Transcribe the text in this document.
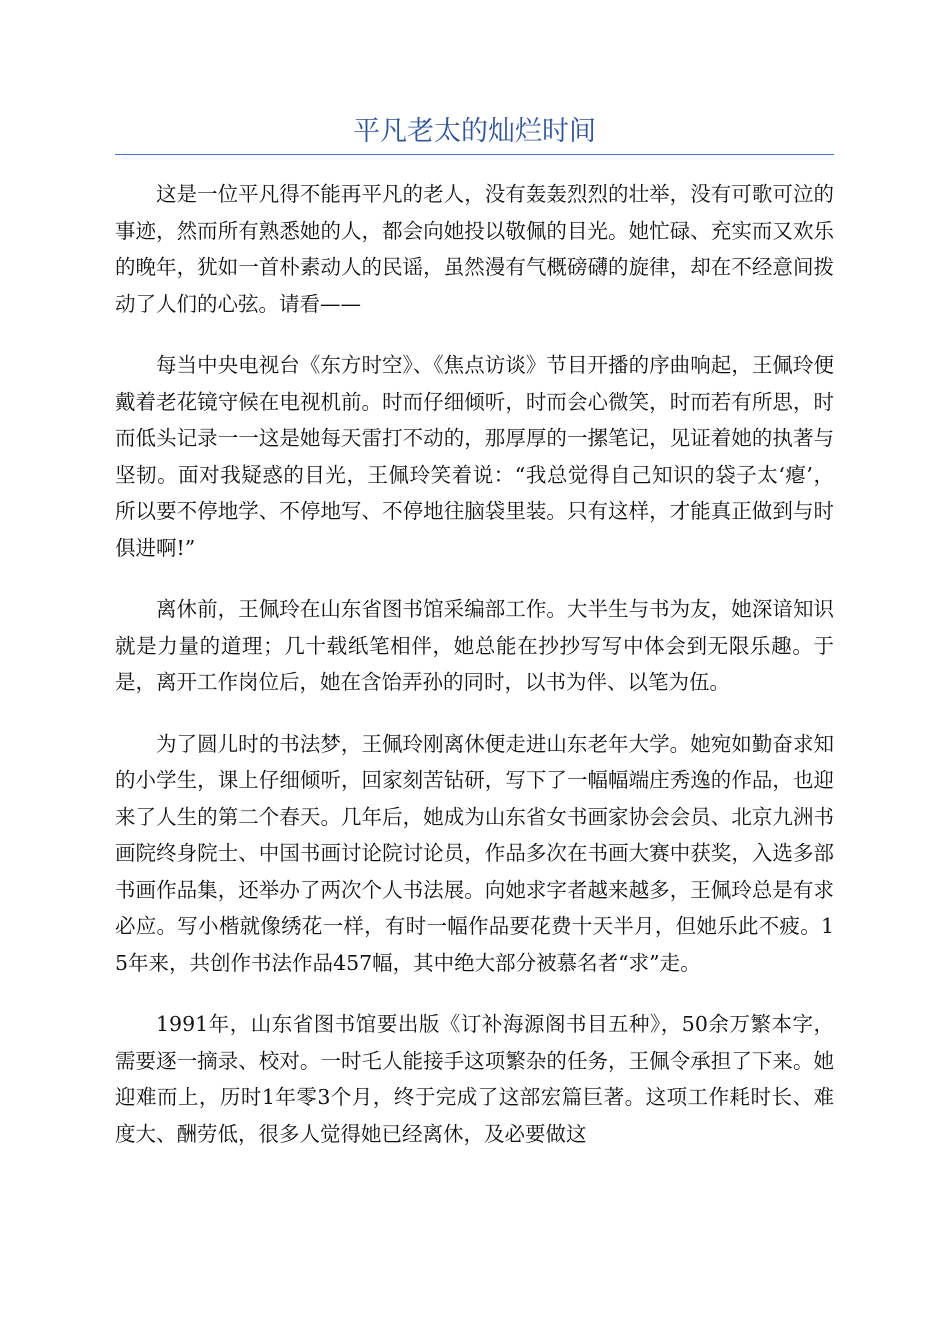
平凡老太的灿烂时间

这是一位平凡得不能再平凡的老人，没有轰轰烈烈的壮举，没有可歌可泣的事迹，然而所有熟悉她的人，都会向她投以敬佩的目光。她忙碌、充实而又欢乐的晚年，犹如一首朴素动人的民谣，虽然漫有气概磅礴的旋律，却在不经意间拨动了人们的心弦。请看——

每当中央电视台《东方时空》、《焦点访谈》节目开播的序曲响起，王佩玲便戴着老花镜守候在电视机前。时而仔细倾听，时而会心微笑，时而若有所思，时而低头记录一一这是她每天雷打不动的，那厚厚的一摞笔记，见证着她的执著与坚韧。面对我疑惑的目光，王佩玲笑着说：“我总觉得自己知识的袋子太‘瘪’，所以要不停地学、不停地写、不停地往脑袋里装。只有这样，才能真正做到与时俱进啊!”

离休前，王佩玲在山东省图书馆采编部工作。大半生与书为友，她深谙知识就是力量的道理；几十载纸笔相伴，她总能在抄抄写写中体会到无限乐趣。于是，离开工作岗位后，她在含饴弄孙的同时，以书为伴、以笔为伍。

为了圆儿时的书法梦，王佩玲刚离休便走进山东老年大学。她宛如勤奋求知的小学生，课上仔细倾听，回家刻苦钻研，写下了一幅幅端庄秀逸的作品，也迎来了人生的第二个春天。几年后，她成为山东省女书画家协会会员、北京九洲书画院终身院士、中国书画讨论院讨论员，作品多次在书画大赛中获奖，入选多部书画作品集，还举办了两次个人书法展。向她求字者越来越多，王佩玲总是有求必应。写小楷就像绣花一样，有时一幅作品要花费十天半月，但她乐此不疲。15年来，共创作书法作品457幅，其中绝大部分被慕名者“求”走。

1991年，山东省图书馆要出版《订补海源阁书目五种》，50余万繁本字，需要逐一摘录、校对。一时乇人能接手这项繁杂的任务，王佩令承担了下来。她迎难而上，历时1年零3个月，终于完成了这部宏篇巨著。这项工作耗时长、难度大、酬劳低，很多人觉得她已经离休，及必要做这
